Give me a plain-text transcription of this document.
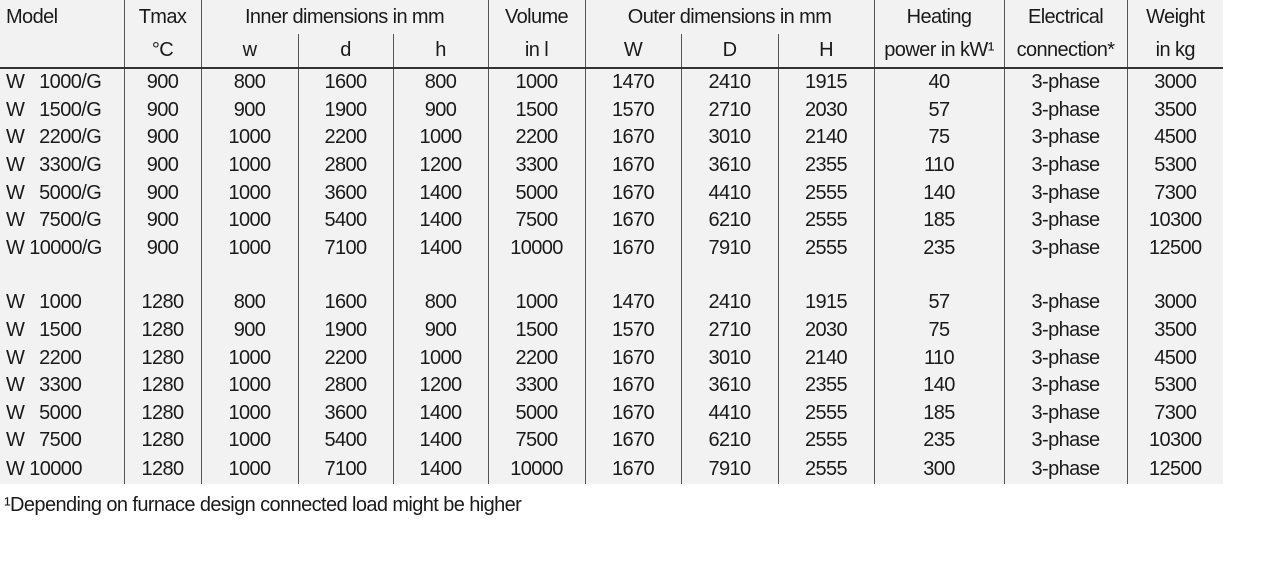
Model	Tmax	Inner dimensions in mm			Volume	Outer dimensions in mm			Heating	Electrical	Weight
	°C	w	d	h	in l	W	D	H	power in kW¹	connection*	in kg
W   1000/G	900	800	1600	800	1000	1470	2410	1915	40	3-phase	3000
W   1500/G	900	900	1900	900	1500	1570	2710	2030	57	3-phase	3500
W   2200/G	900	1000	2200	1000	2200	1670	3010	2140	75	3-phase	4500
W   3300/G	900	1000	2800	1200	3300	1670	3610	2355	110	3-phase	5300
W   5000/G	900	1000	3600	1400	5000	1670	4410	2555	140	3-phase	7300
W   7500/G	900	1000	5400	1400	7500	1670	6210	2555	185	3-phase	10300
W 10000/G	900	1000	7100	1400	10000	1670	7910	2555	235	3-phase	12500

W   1000	1280	800	1600	800	1000	1470	2410	1915	57	3-phase	3000
W   1500	1280	900	1900	900	1500	1570	2710	2030	75	3-phase	3500
W   2200	1280	1000	2200	1000	2200	1670	3010	2140	110	3-phase	4500
W   3300	1280	1000	2800	1200	3300	1670	3610	2355	140	3-phase	5300
W   5000	1280	1000	3600	1400	5000	1670	4410	2555	185	3-phase	7300
W   7500	1280	1000	5400	1400	7500	1670	6210	2555	235	3-phase	10300
W 10000	1280	1000	7100	1400	10000	1670	7910	2555	300	3-phase	12500
¹Depending on furnace design connected load might be higher
